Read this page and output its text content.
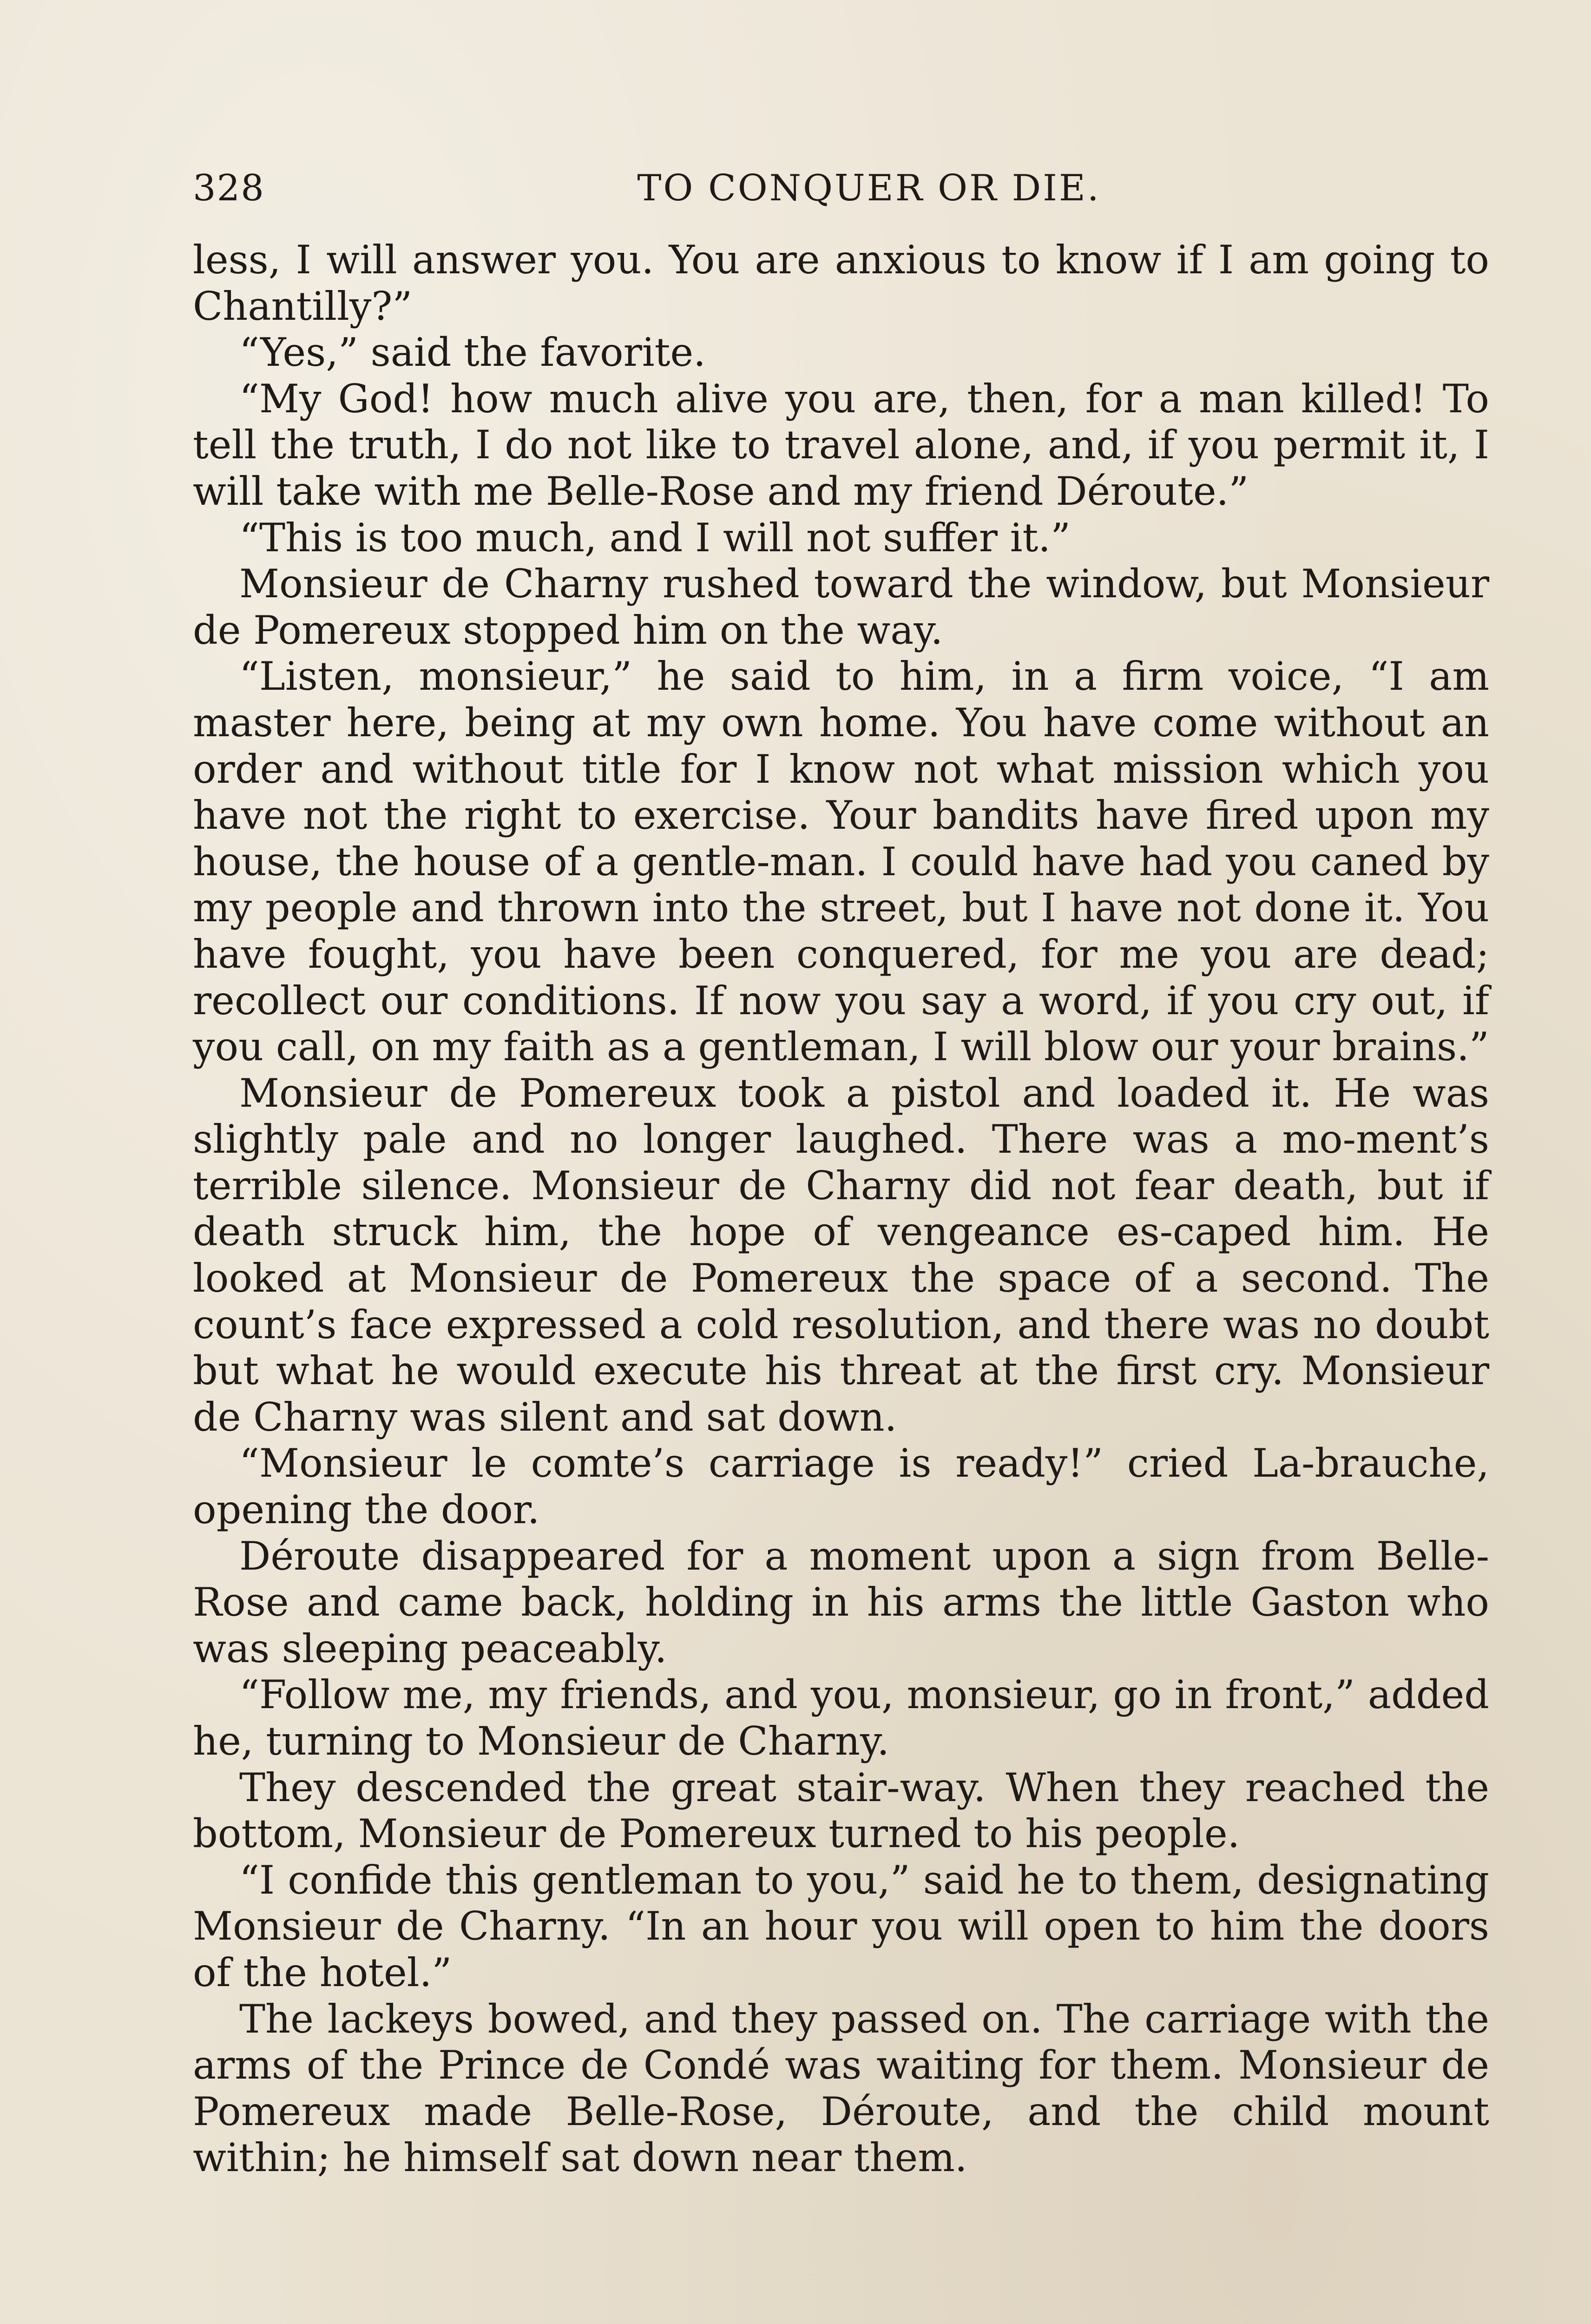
328	TO CONQUER OR DIE.

less, I will answer you. You are anxious to know if I am going to Chantilly?”

“Yes,” said the favorite.

“My God! how much alive you are, then, for a man killed! To tell the truth, I do not like to travel alone, and, if you permit it, I will take with me Belle-Rose and my friend Déroute.”

“This is too much, and I will not suffer it.”

Monsieur de Charny rushed toward the window, but Monsieur de Pomereux stopped him on the way.

“Listen, monsieur,” he said to him, in a firm voice, “I am master here, being at my own home. You have come without an order and without title for I know not what mission which you have not the right to exercise. Your bandits have fired upon my house, the house of a gentle-man. I could have had you caned by my people and thrown into the street, but I have not done it. You have fought, you have been conquered, for me you are dead; recollect our conditions. If now you say a word, if you cry out, if you call, on my faith as a gentleman, I will blow our your brains.”

Monsieur de Pomereux took a pistol and loaded it. He was slightly pale and no longer laughed. There was a mo-ment’s terrible silence. Monsieur de Charny did not fear death, but if death struck him, the hope of vengeance es-caped him. He looked at Monsieur de Pomereux the space of a second. The count’s face expressed a cold resolution, and there was no doubt but what he would execute his threat at the first cry. Monsieur de Charny was silent and sat down.

“Monsieur le comte’s carriage is ready!” cried La-brauche, opening the door.

Déroute disappeared for a moment upon a sign from Belle-Rose and came back, holding in his arms the little Gaston who was sleeping peaceably.

“Follow me, my friends, and you, monsieur, go in front,” added he, turning to Monsieur de Charny.

They descended the great stair-way. When they reached the bottom, Monsieur de Pomereux turned to his people.

“I confide this gentleman to you,” said he to them, designating Monsieur de Charny. “In an hour you will open to him the doors of the hotel.”

The lackeys bowed, and they passed on. The carriage with the arms of the Prince de Condé was waiting for them. Monsieur de Pomereux made Belle-Rose, Déroute, and the child mount within; he himself sat down near them.
